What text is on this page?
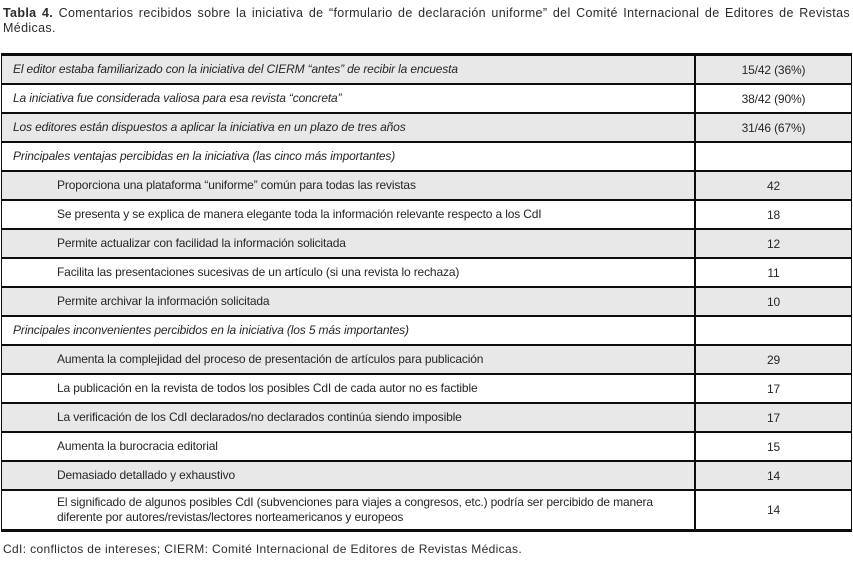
Tabla 4. Comentarios recibidos sobre la iniciativa de “formulario de declaración uniforme” del Comité Internacional de Editores de Revistas Médicas.

El editor estaba familiarizado con la iniciativa del CIERM “antes” de recibir la encuesta	15/42 (36%)
La iniciativa fue considerada valiosa para esa revista “concreta”	38/42 (90%)
Los editores están dispuestos a aplicar la iniciativa en un plazo de tres años	31/46 (67%)
Principales ventajas percibidas en la iniciativa (las cinco más importantes)
Proporciona una plataforma “uniforme” común para todas las revistas	42
Se presenta y se explica de manera elegante toda la información relevante respecto a los CdI	18
Permite actualizar con facilidad la información solicitada	12
Facilita las presentaciones sucesivas de un artículo (si una revista lo rechaza)	11
Permite archivar la información solicitada	10
Principales inconvenientes percibidos en la iniciativa (los 5 más importantes)
Aumenta la complejidad del proceso de presentación de artículos para publicación	29
La publicación en la revista de todos los posibles CdI de cada autor no es factible	17
La verificación de los CdI declarados/no declarados continúa siendo imposible	17
Aumenta la burocracia editorial	15
Demasiado detallado y exhaustivo	14
El significado de algunos posibles CdI (subvenciones para viajes a congresos, etc.) podría ser percibido de manera diferente por autores/revistas/lectores norteamericanos y europeos	14

CdI: conflictos de intereses; CIERM: Comité Internacional de Editores de Revistas Médicas.
